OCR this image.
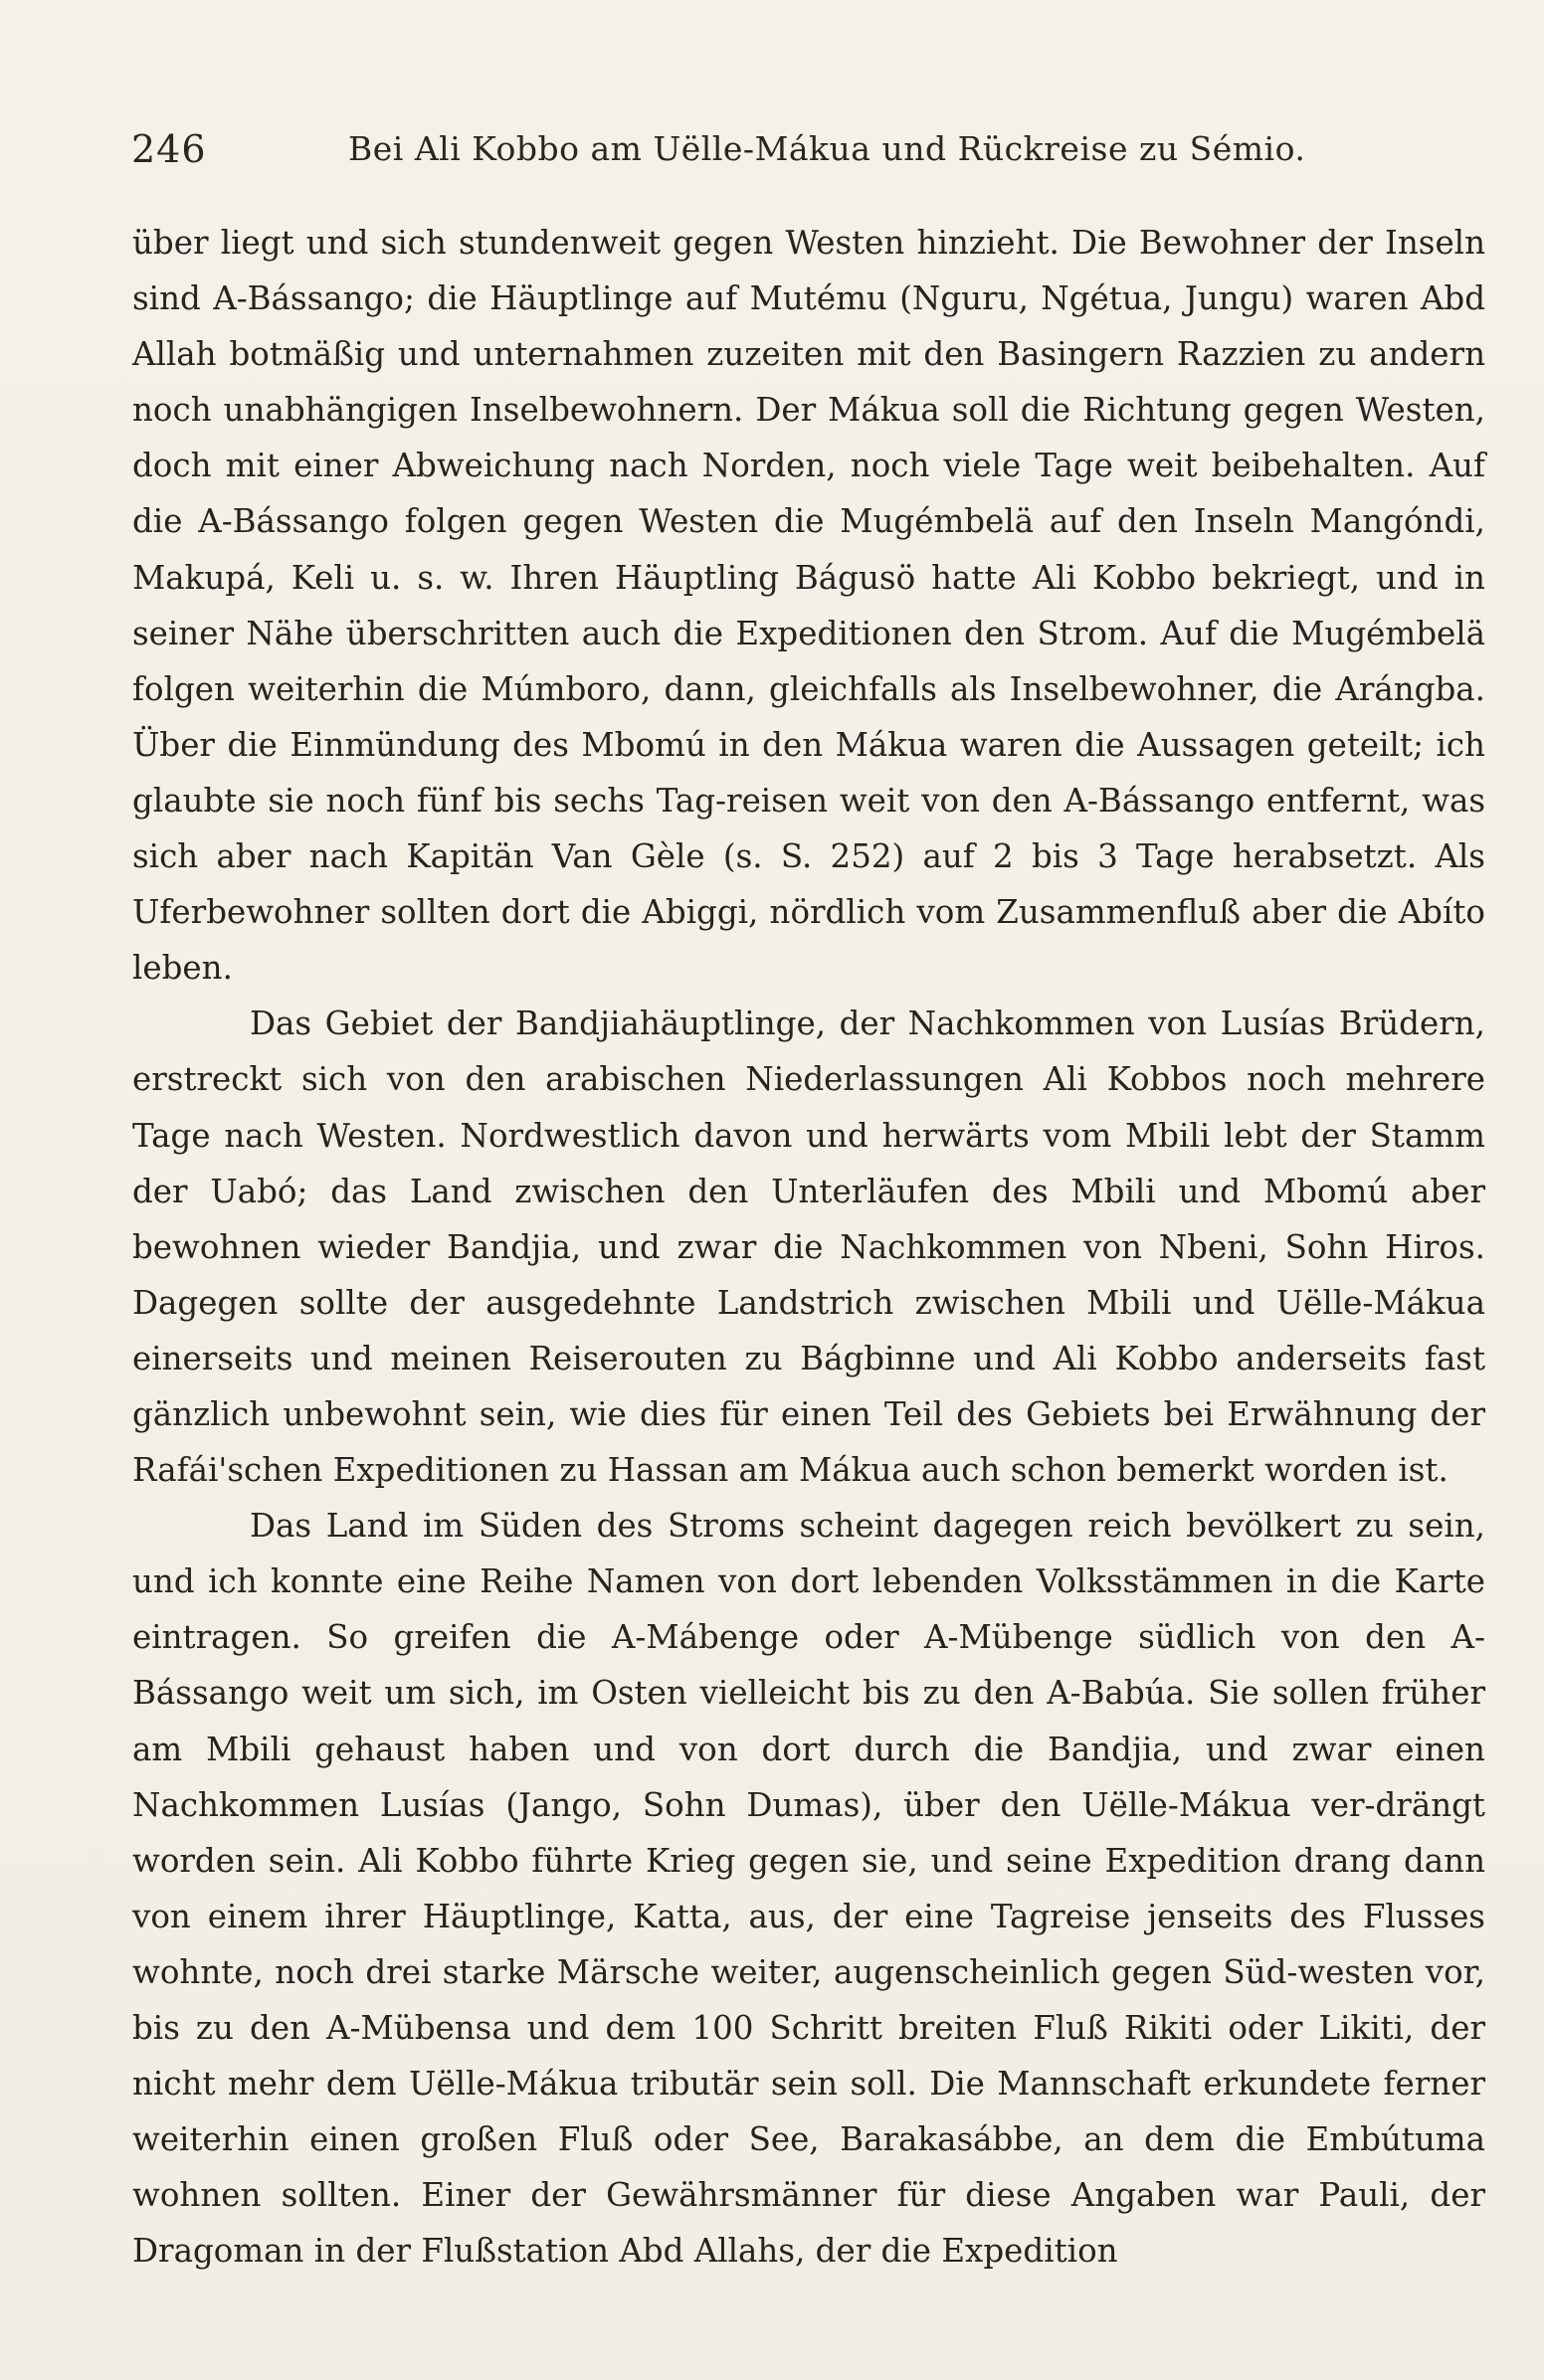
246	Bei Ali Kobbo am Uëlle-Mákua und Rückreise zu Sémio.

über liegt und sich stundenweit gegen Westen hinzieht. Die Bewohner der Inseln sind A-Bássango; die Häuptlinge auf Mutému (Nguru, Ngétua, Jungu) waren Abd Allah botmäßig und unternahmen zuzeiten mit den Basingern Razzien zu andern noch unabhängigen Inselbewohnern. Der Mákua soll die Richtung gegen Westen, doch mit einer Abweichung nach Norden, noch viele Tage weit beibehalten. Auf die A-Bássango folgen gegen Westen die Mugémbelä auf den Inseln Mangóndi, Makupá, Keli u. s. w. Ihren Häuptling Bágusö hatte Ali Kobbo bekriegt, und in seiner Nähe überschritten auch die Expeditionen den Strom. Auf die Mugémbelä folgen weiterhin die Múmboro, dann, gleichfalls als Inselbewohner, die Arángba. Über die Einmündung des Mbomú in den Mákua waren die Aussagen geteilt; ich glaubte sie noch fünf bis sechs Tag-reisen weit von den A-Bássango entfernt, was sich aber nach Kapitän Van Gèle (s. S. 252) auf 2 bis 3 Tage herabsetzt. Als Uferbewohner sollten dort die Abiggi, nördlich vom Zusammenfluß aber die Abíto leben.

Das Gebiet der Bandjiahäuptlinge, der Nachkommen von Lusías Brüdern, erstreckt sich von den arabischen Niederlassungen Ali Kobbos noch mehrere Tage nach Westen. Nordwestlich davon und herwärts vom Mbili lebt der Stamm der Uabó; das Land zwischen den Unterläufen des Mbili und Mbomú aber bewohnen wieder Bandjia, und zwar die Nachkommen von Nbeni, Sohn Hiros. Dagegen sollte der ausgedehnte Landstrich zwischen Mbili und Uëlle-Mákua einerseits und meinen Reiserouten zu Bágbinne und Ali Kobbo anderseits fast gänzlich unbewohnt sein, wie dies für einen Teil des Gebiets bei Erwähnung der Rafái'schen Expeditionen zu Hassan am Mákua auch schon bemerkt worden ist.

Das Land im Süden des Stroms scheint dagegen reich bevölkert zu sein, und ich konnte eine Reihe Namen von dort lebenden Volksstämmen in die Karte eintragen. So greifen die A-Mábenge oder A-Mübenge südlich von den A-Bássango weit um sich, im Osten vielleicht bis zu den A-Babúa. Sie sollen früher am Mbili gehaust haben und von dort durch die Bandjia, und zwar einen Nachkommen Lusías (Jango, Sohn Dumas), über den Uëlle-Mákua ver-drängt worden sein. Ali Kobbo führte Krieg gegen sie, und seine Expedition drang dann von einem ihrer Häuptlinge, Katta, aus, der eine Tagreise jenseits des Flusses wohnte, noch drei starke Märsche weiter, augenscheinlich gegen Süd-westen vor, bis zu den A-Mübensa und dem 100 Schritt breiten Fluß Rikiti oder Likiti, der nicht mehr dem Uëlle-Mákua tributär sein soll. Die Mannschaft erkundete ferner weiterhin einen großen Fluß oder See, Barakasábbe, an dem die Embútuma wohnen sollten. Einer der Gewährsmänner für diese Angaben war Pauli, der Dragoman in der Flußstation Abd Allahs, der die Expedition
